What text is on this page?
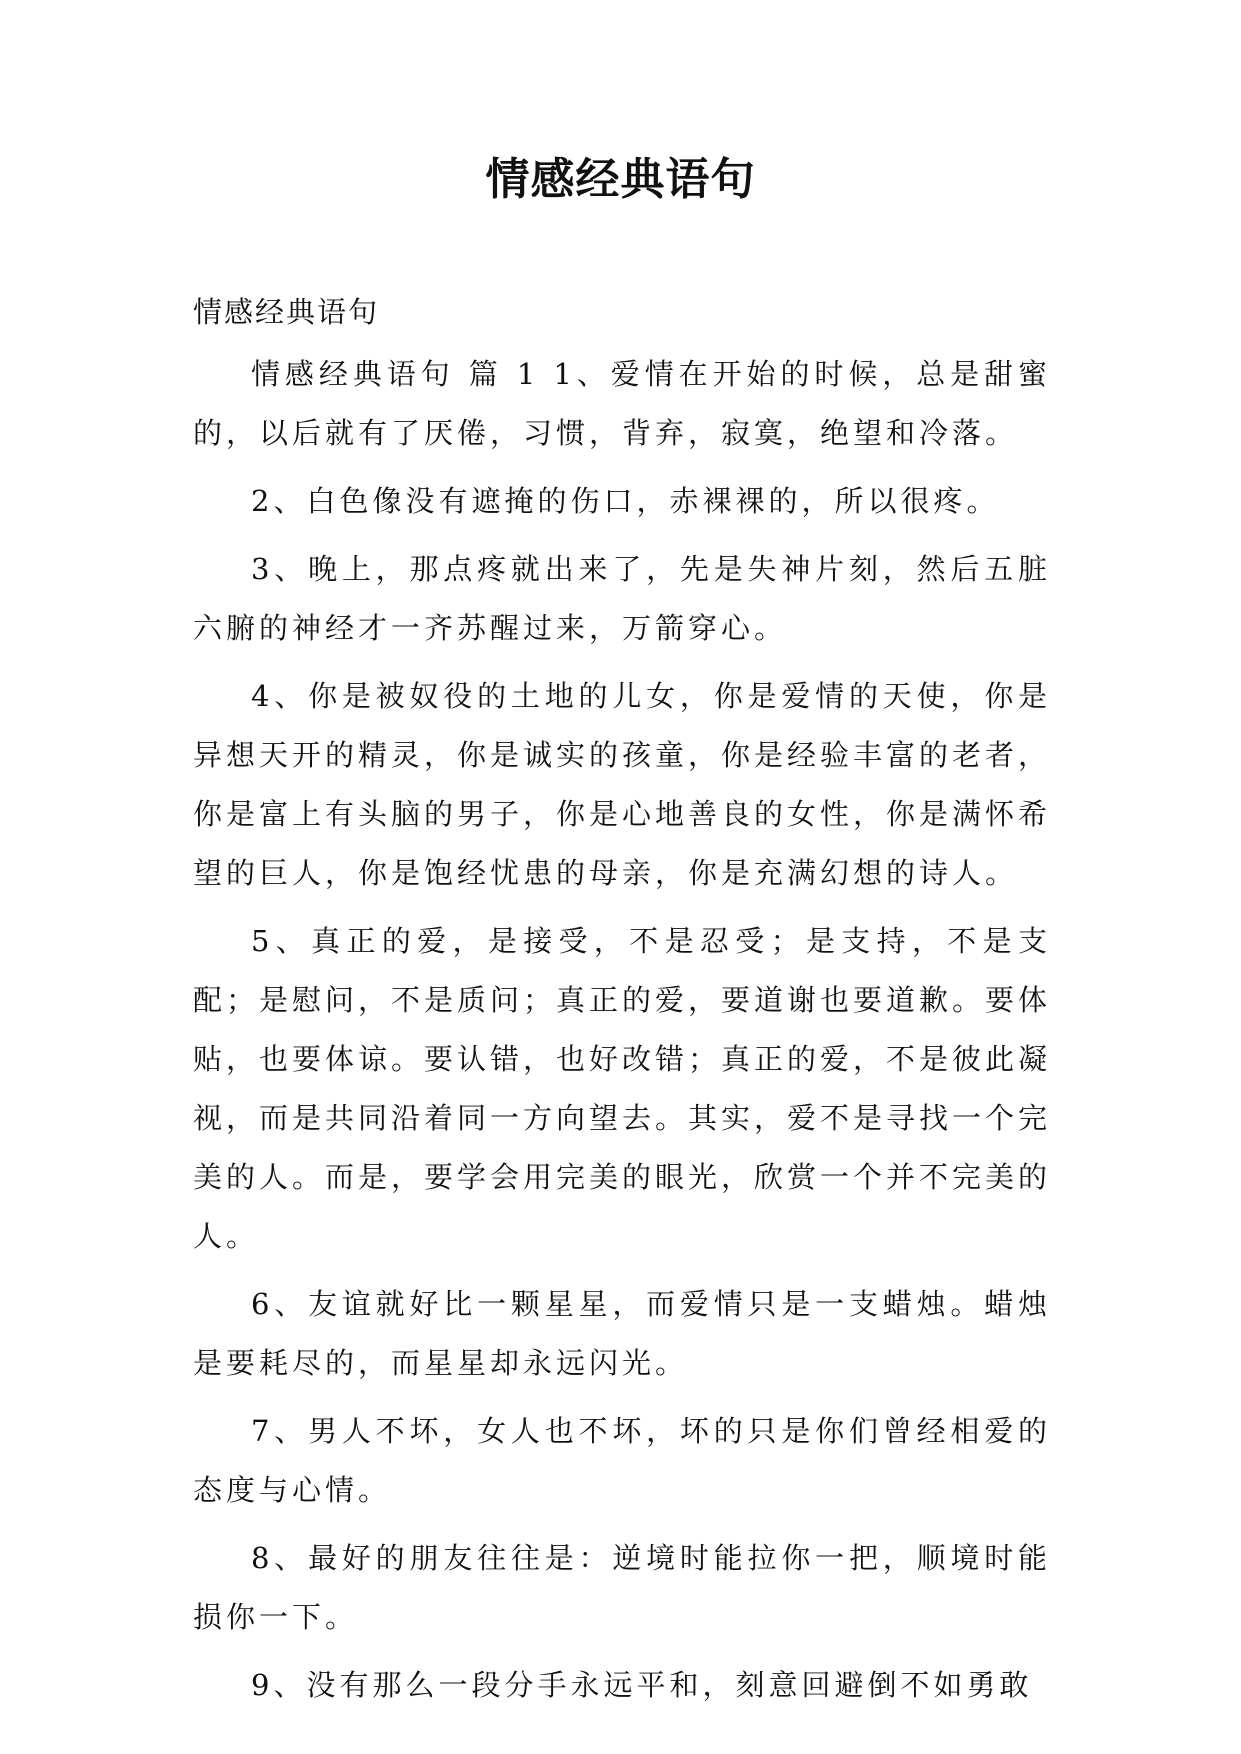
情感经典语句

情感经典语句

情感经典语句 篇 1 1、爱情在开始的时候，总是甜蜜的，以后就有了厌倦，习惯，背弃，寂寞，绝望和冷落。

2、白色像没有遮掩的伤口，赤裸裸的，所以很疼。

3、晚上，那点疼就出来了，先是失神片刻，然后五脏六腑的神经才一齐苏醒过来，万箭穿心。

4、你是被奴役的土地的儿女，你是爱情的天使，你是异想天开的精灵，你是诚实的孩童，你是经验丰富的老者，你是富上有头脑的男子，你是心地善良的女性，你是满怀希望的巨人，你是饱经忧患的母亲，你是充满幻想的诗人。

5、真正的爱，是接受，不是忍受；是支持，不是支配；是慰问，不是质问；真正的爱，要道谢也要道歉。要体贴，也要体谅。要认错，也好改错；真正的爱，不是彼此凝视，而是共同沿着同一方向望去。其实，爱不是寻找一个完美的人。而是，要学会用完美的眼光，欣赏一个并不完美的人。

6、友谊就好比一颗星星，而爱情只是一支蜡烛。蜡烛是要耗尽的，而星星却永远闪光。

7、男人不坏，女人也不坏，坏的只是你们曾经相爱的态度与心情。

8、最好的朋友往往是：逆境时能拉你一把，顺境时能损你一下。

9、没有那么一段分手永远平和，刻意回避倒不如勇敢
